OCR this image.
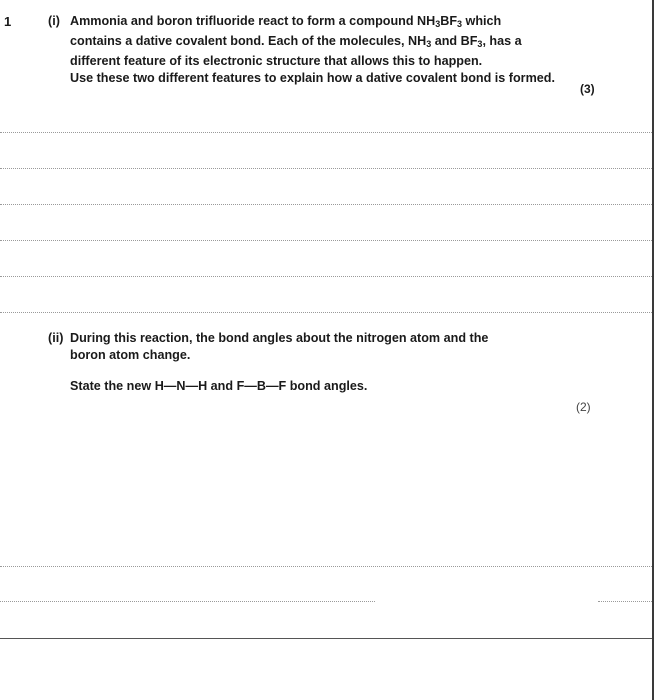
1	(i) Ammonia and boron trifluoride react to form a compound $NH_3BF_3$ which

contains a dative covalent bond. Each of the molecules, $NH_3$ and $BF_3$, has a

different feature of its electronic structure that allows this to happen.

Use these two different features to explain how a dative covalent bond is formed.

(3)
(ii) During this reaction, the bond angles about the nitrogen atom and the

boron atom change.

State the new H—N—H and F—B—F bond angles.

(2)
